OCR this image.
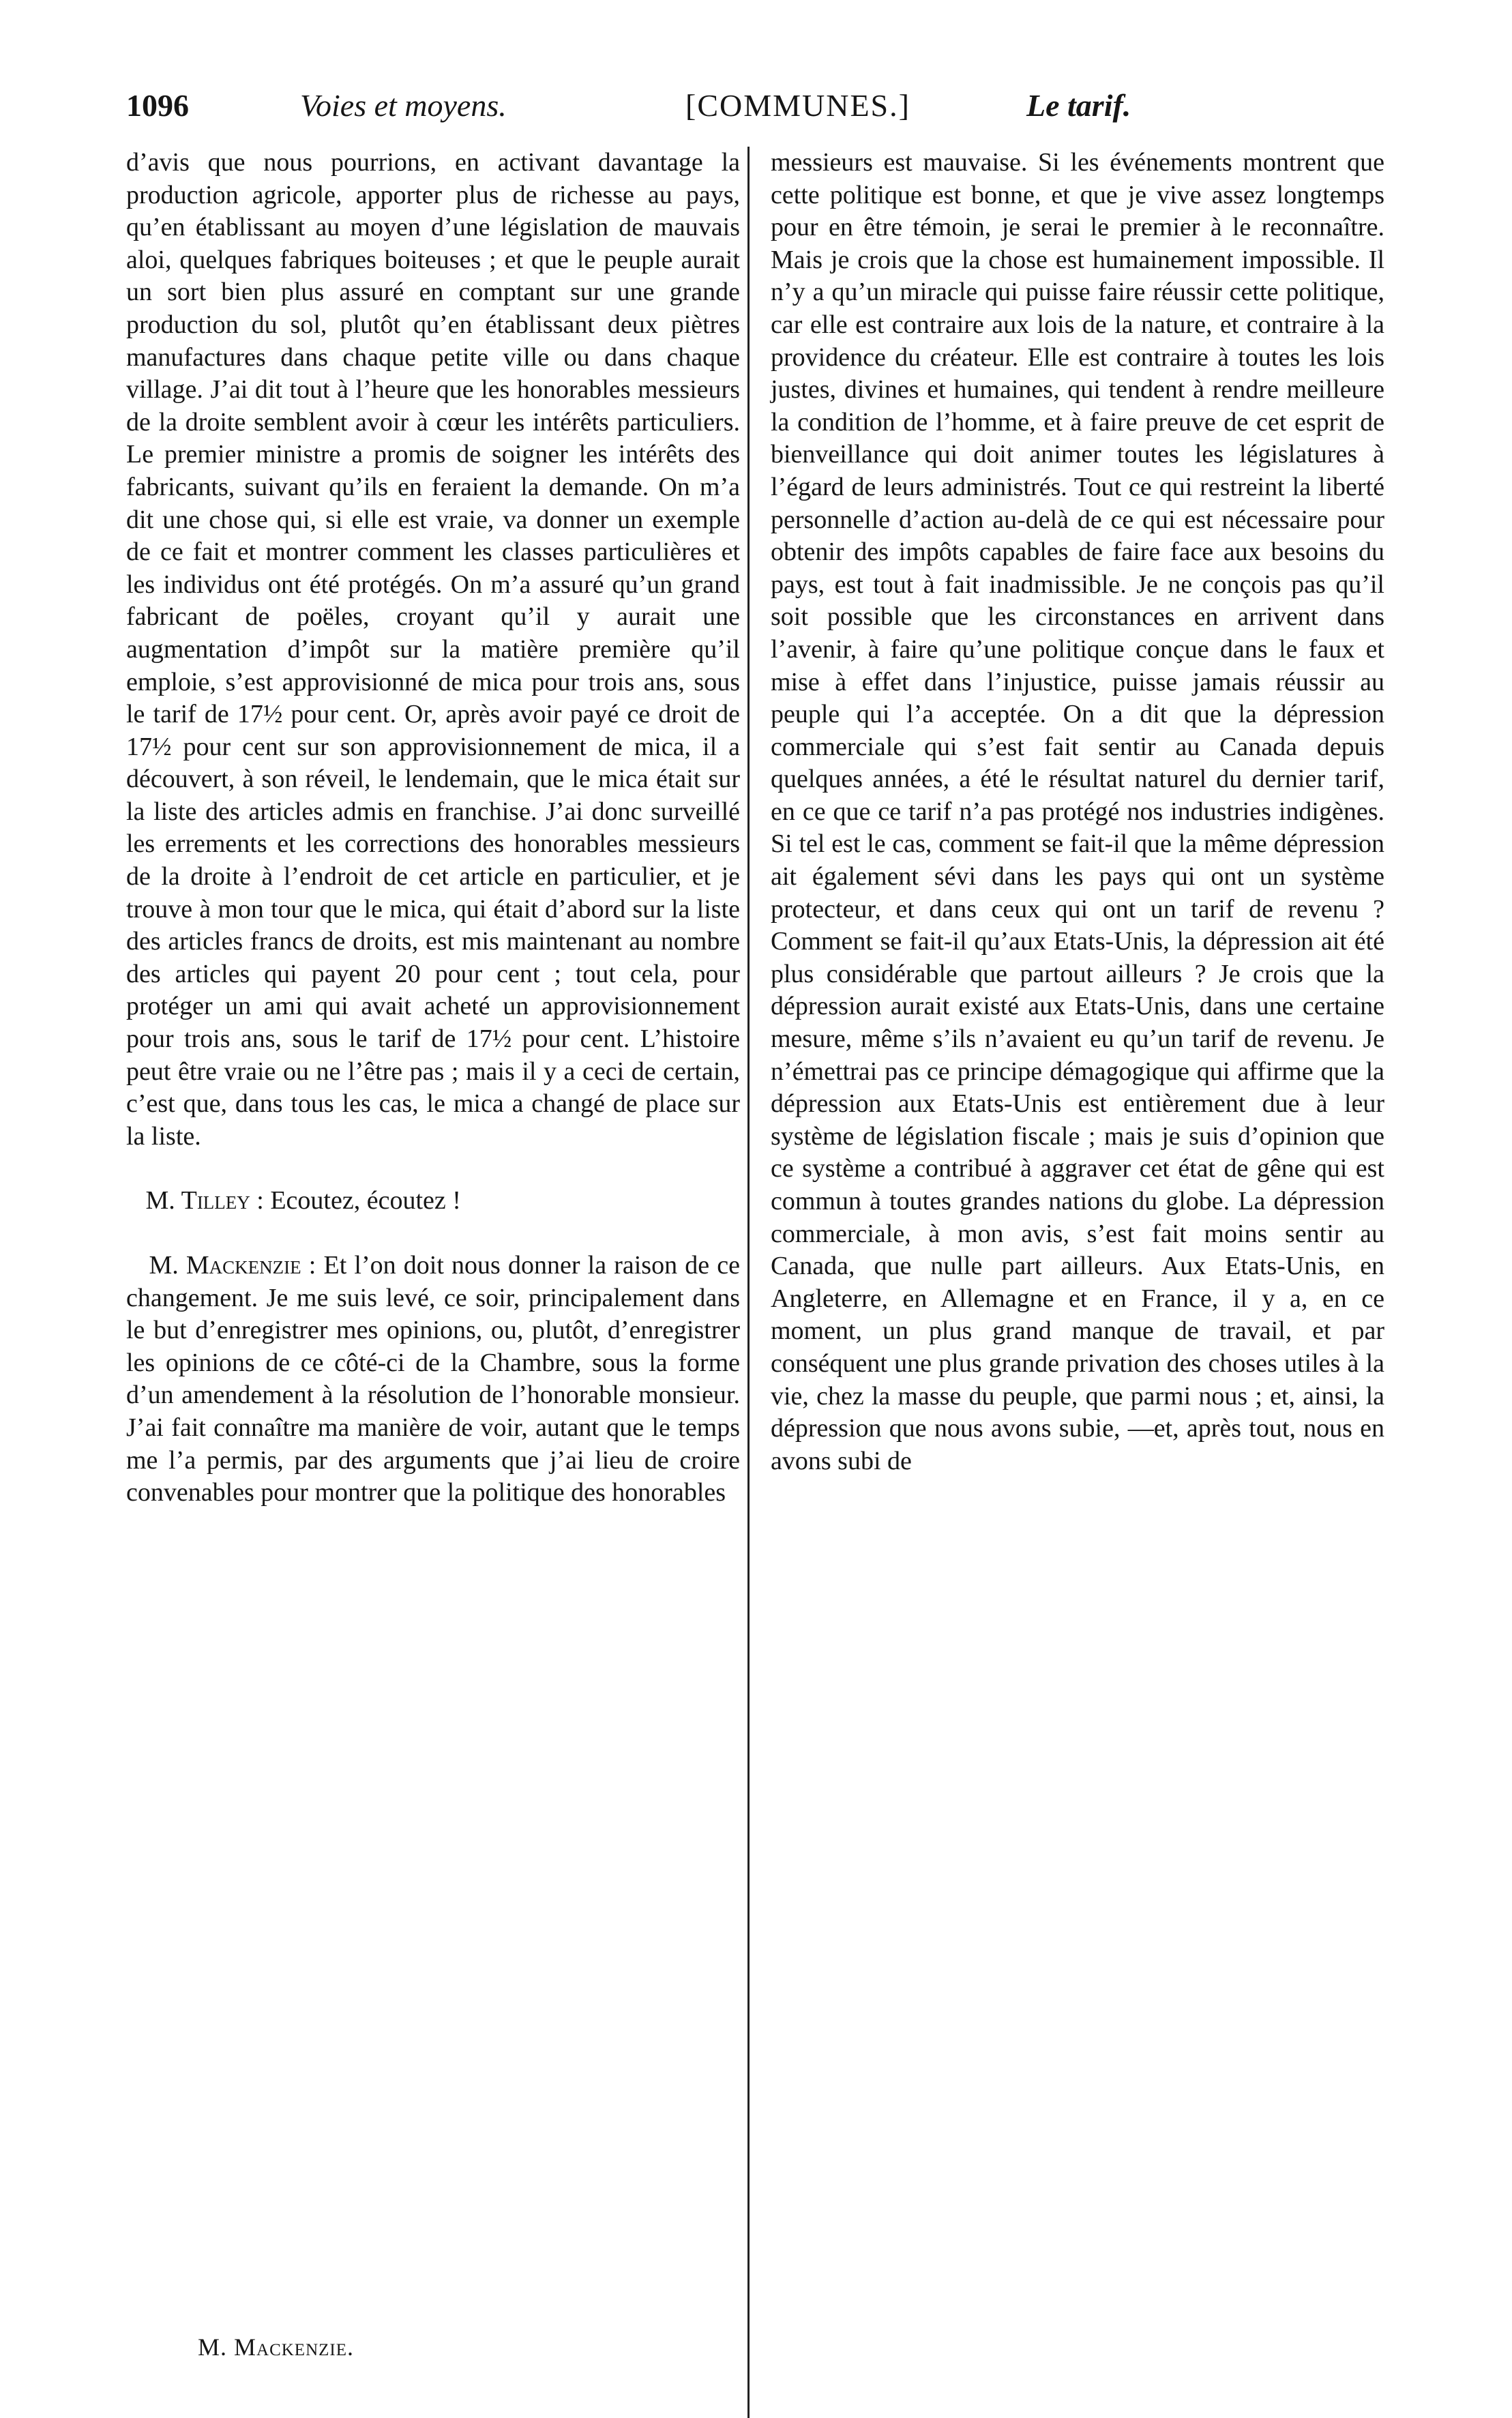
1096	Voies et moyens.	[COMMUNES.]	Le tarif.

d’avis que nous pourrions, en activant davantage la production agricole, apporter plus de richesse au pays, qu’en établissant au moyen d’une législation de mauvais aloi, quelques fabriques boiteuses ; et que le peuple aurait un sort bien plus assuré en comptant sur une grande production du sol, plutôt qu’en établissant deux piètres manufactures dans chaque petite ville ou dans chaque village. J’ai dit tout à l’heure que les honorables messieurs de la droite semblent avoir à cœur les intérêts particuliers. Le premier ministre a promis de soigner les intérêts des fabricants, suivant qu’ils en feraient la demande. On m’a dit une chose qui, si elle est vraie, va donner un exemple de ce fait et montrer comment les classes particulières et les individus ont été protégés. On m’a assuré qu’un grand fabricant de poëles, croyant qu’il y aurait une augmentation d’impôt sur la matière première qu’il emploie, s’est approvisionné de mica pour trois ans, sous le tarif de 17½ pour cent. Or, après avoir payé ce droit de 17½ pour cent sur son approvisionnement de mica, il a découvert, à son réveil, le lendemain, que le mica était sur la liste des articles admis en franchise. J’ai donc surveillé les errements et les corrections des honorables messieurs de la droite à l’endroit de cet article en particulier, et je trouve à mon tour que le mica, qui était d’abord sur la liste des articles francs de droits, est mis maintenant au nombre des articles qui payent 20 pour cent ; tout cela, pour protéger un ami qui avait acheté un approvisionnement pour trois ans, sous le tarif de 17½ pour cent. L’histoire peut être vraie ou ne l’être pas ; mais il y a ceci de certain, c’est que, dans tous les cas, le mica a changé de place sur la liste.

M. Tilley : Ecoutez, écoutez !

M. Mackenzie : Et l’on doit nous donner la raison de ce changement. Je me suis levé, ce soir, principalement dans le but d’enregistrer mes opinions, ou, plutôt, d’enregistrer les opinions de ce côté-ci de la Chambre, sous la forme d’un amendement à la résolution de l’honorable monsieur. J’ai fait connaître ma manière de voir, autant que le temps me l’a permis, par des arguments que j’ai lieu de croire convenables pour montrer que la politique des honorables

messieurs est mauvaise. Si les événements montrent que cette politique est bonne, et que je vive assez longtemps pour en être témoin, je serai le premier à le reconnaître. Mais je crois que la chose est humainement impossible. Il n’y a qu’un miracle qui puisse faire réussir cette politique, car elle est contraire aux lois de la nature, et contraire à la providence du créateur. Elle est contraire à toutes les lois justes, divines et humaines, qui tendent à rendre meilleure la condition de l’homme, et à faire preuve de cet esprit de bienveillance qui doit animer toutes les législatures à l’égard de leurs administrés. Tout ce qui restreint la liberté personnelle d’action au-delà de ce qui est nécessaire pour obtenir des impôts capables de faire face aux besoins du pays, est tout à fait inadmissible. Je ne conçois pas qu’il soit possible que les circonstances en arrivent dans l’avenir, à faire qu’une politique conçue dans le faux et mise à effet dans l’injustice, puisse jamais réussir au peuple qui l’a acceptée. On a dit que la dépression commerciale qui s’est fait sentir au Canada depuis quelques années, a été le résultat naturel du dernier tarif, en ce que ce tarif n’a pas protégé nos industries indigènes. Si tel est le cas, comment se fait-il que la même dépression ait également sévi dans les pays qui ont un système protecteur, et dans ceux qui ont un tarif de revenu ? Comment se fait-il qu’aux Etats-Unis, la dépression ait été plus considérable que partout ailleurs ? Je crois que la dépression aurait existé aux Etats-Unis, dans une certaine mesure, même s’ils n’avaient eu qu’un tarif de revenu. Je n’émettrai pas ce principe démagogique qui affirme que la dépression aux Etats-Unis est entièrement due à leur système de législation fiscale ; mais je suis d’opinion que ce système a contribué à aggraver cet état de gêne qui est commun à toutes grandes nations du globe. La dépression commerciale, à mon avis, s’est fait moins sentir au Canada, que nulle part ailleurs. Aux Etats-Unis, en Angleterre, en Allemagne et en France, il y a, en ce moment, un plus grand manque de travail, et par conséquent une plus grande privation des choses utiles à la vie, chez la masse du peuple, que parmi nous ; et, ainsi, la dépression que nous avons subie, —et, après tout, nous en avons subi de

M. Mackenzie.
